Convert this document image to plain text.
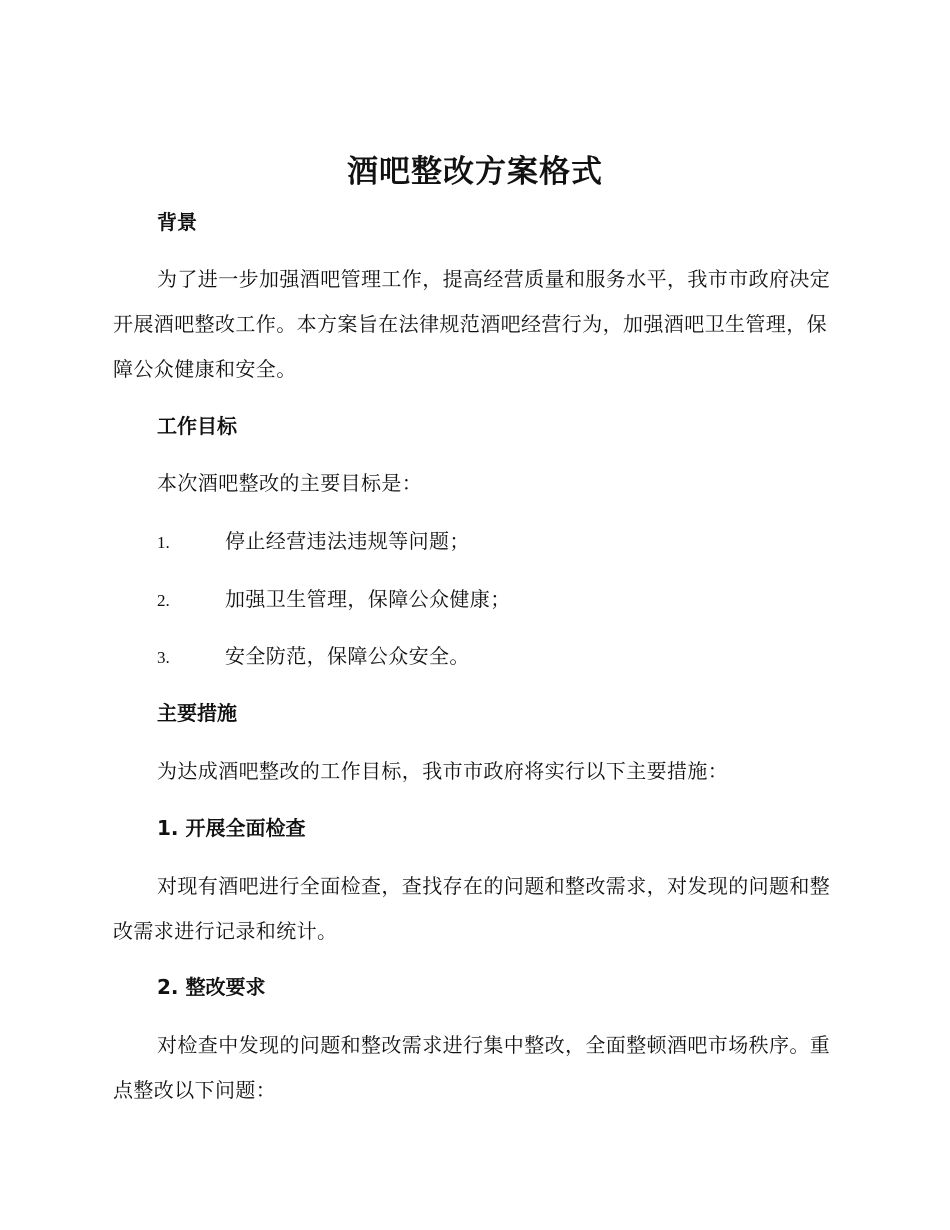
酒吧整改方案格式
背景
为了进一步加强酒吧管理工作，提高经营质量和服务水平，我市市政府决定开展酒吧整改工作。本方案旨在法律规范酒吧经营行为，加强酒吧卫生管理，保障公众健康和安全。
工作目标
本次酒吧整改的主要目标是：
1.	停止经营违法违规等问题；
2.	加强卫生管理，保障公众健康；
3.	安全防范，保障公众安全。
主要措施
为达成酒吧整改的工作目标，我市市政府将实行以下主要措施：
1. 开展全面检查
对现有酒吧进行全面检查，查找存在的问题和整改需求，对发现的问题和整改需求进行记录和统计。
2. 整改要求
对检查中发现的问题和整改需求进行集中整改，全面整顿酒吧市场秩序。重点整改以下问题：
